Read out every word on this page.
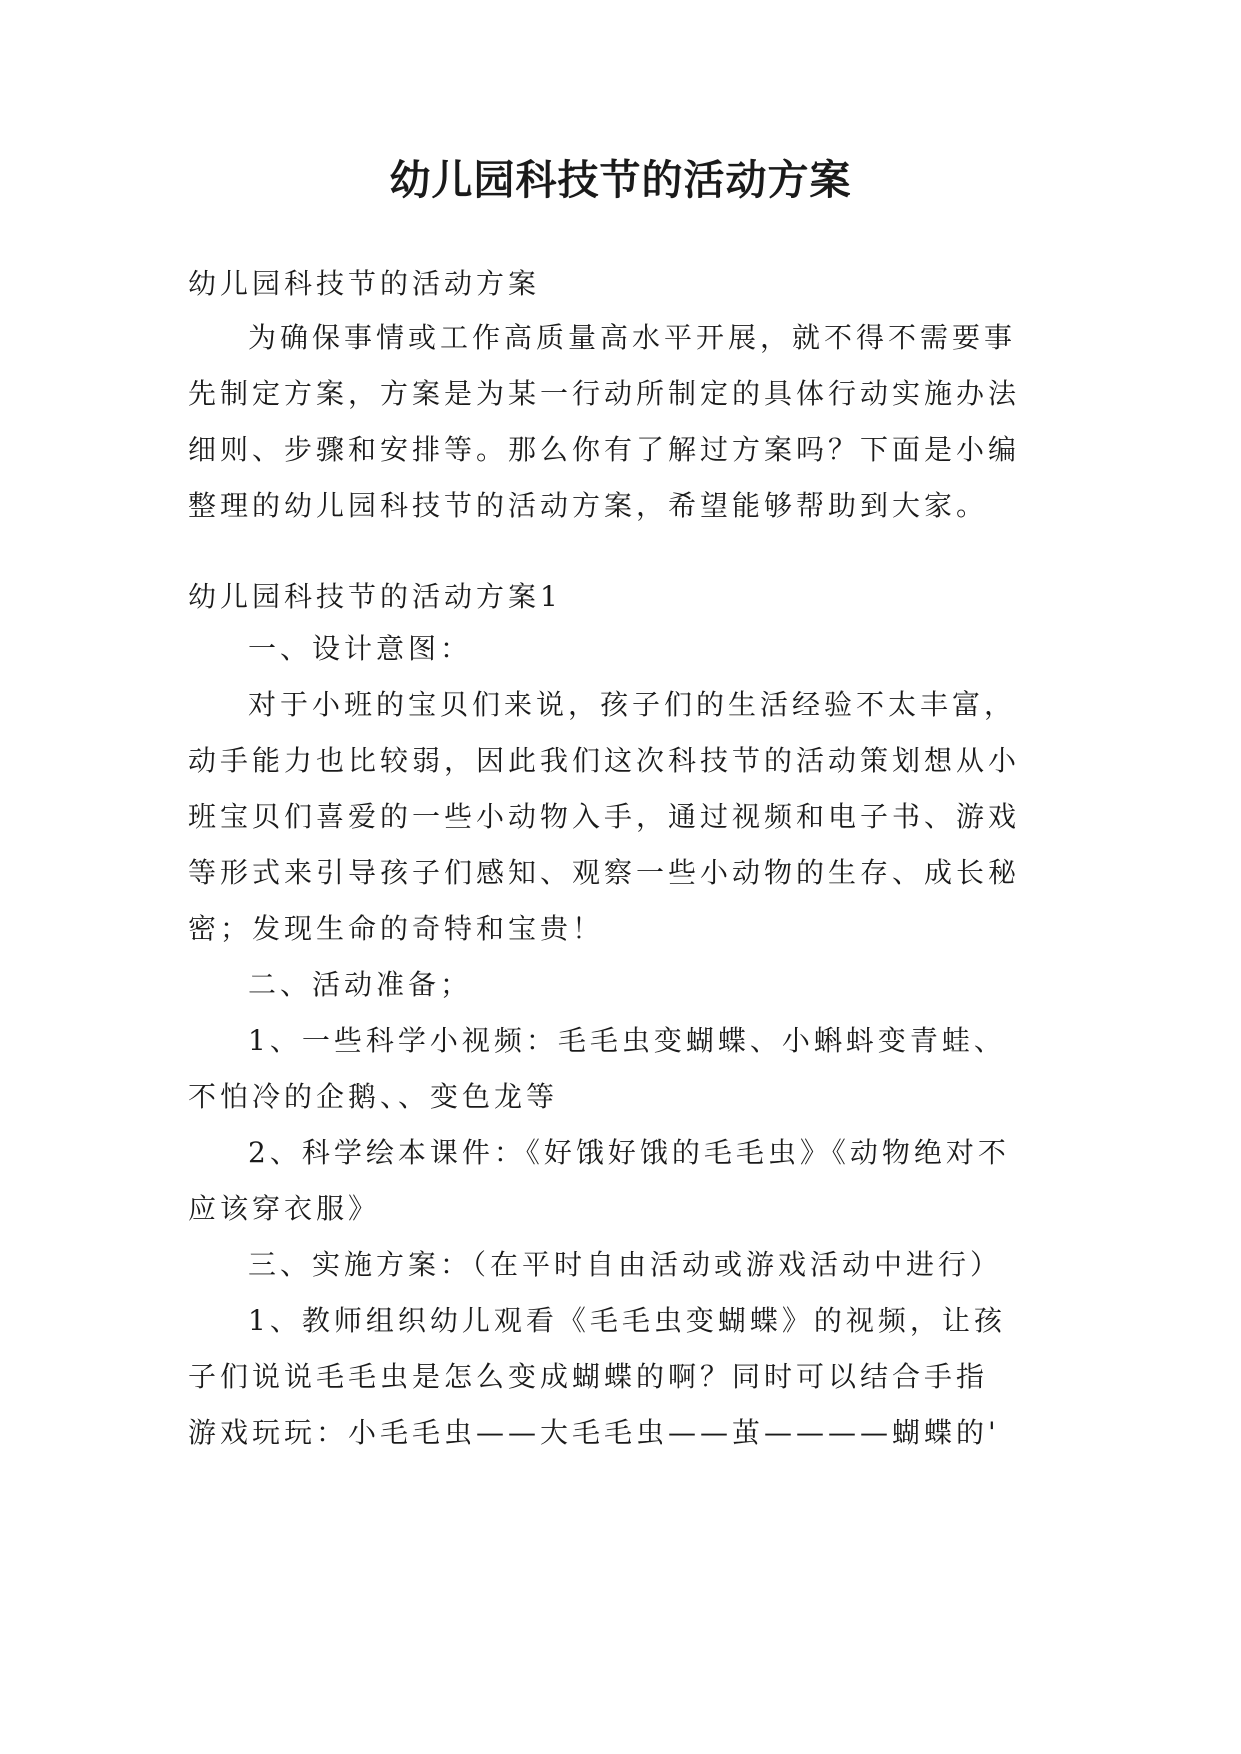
幼儿园科技节的活动方案
幼儿园科技节的活动方案
为确保事情或工作高质量高水平开展，就不得不需要事
先制定方案，方案是为某一行动所制定的具体行动实施办法
细则、步骤和安排等。那么你有了解过方案吗？下面是小编
整理的幼儿园科技节的活动方案，希望能够帮助到大家。
幼儿园科技节的活动方案1
一、设计意图：
对于小班的宝贝们来说，孩子们的生活经验不太丰富，
动手能力也比较弱，因此我们这次科技节的活动策划想从小
班宝贝们喜爱的一些小动物入手，通过视频和电子书、游戏
等形式来引导孩子们感知、观察一些小动物的生存、成长秘
密；发现生命的奇特和宝贵！
二、活动准备；
1、一些科学小视频：毛毛虫变蝴蝶、小蝌蚪变青蛙、
不怕冷的企鹅、、变色龙等
2、科学绘本课件：《好饿好饿的毛毛虫》《动物绝对不
应该穿衣服》
三、实施方案：（在平时自由活动或游戏活动中进行）
1、教师组织幼儿观看《毛毛虫变蝴蝶》的视频，让孩
子们说说毛毛虫是怎么变成蝴蝶的啊？同时可以结合手指
游戏玩玩：小毛毛虫——大毛毛虫——茧————蝴蝶的'
